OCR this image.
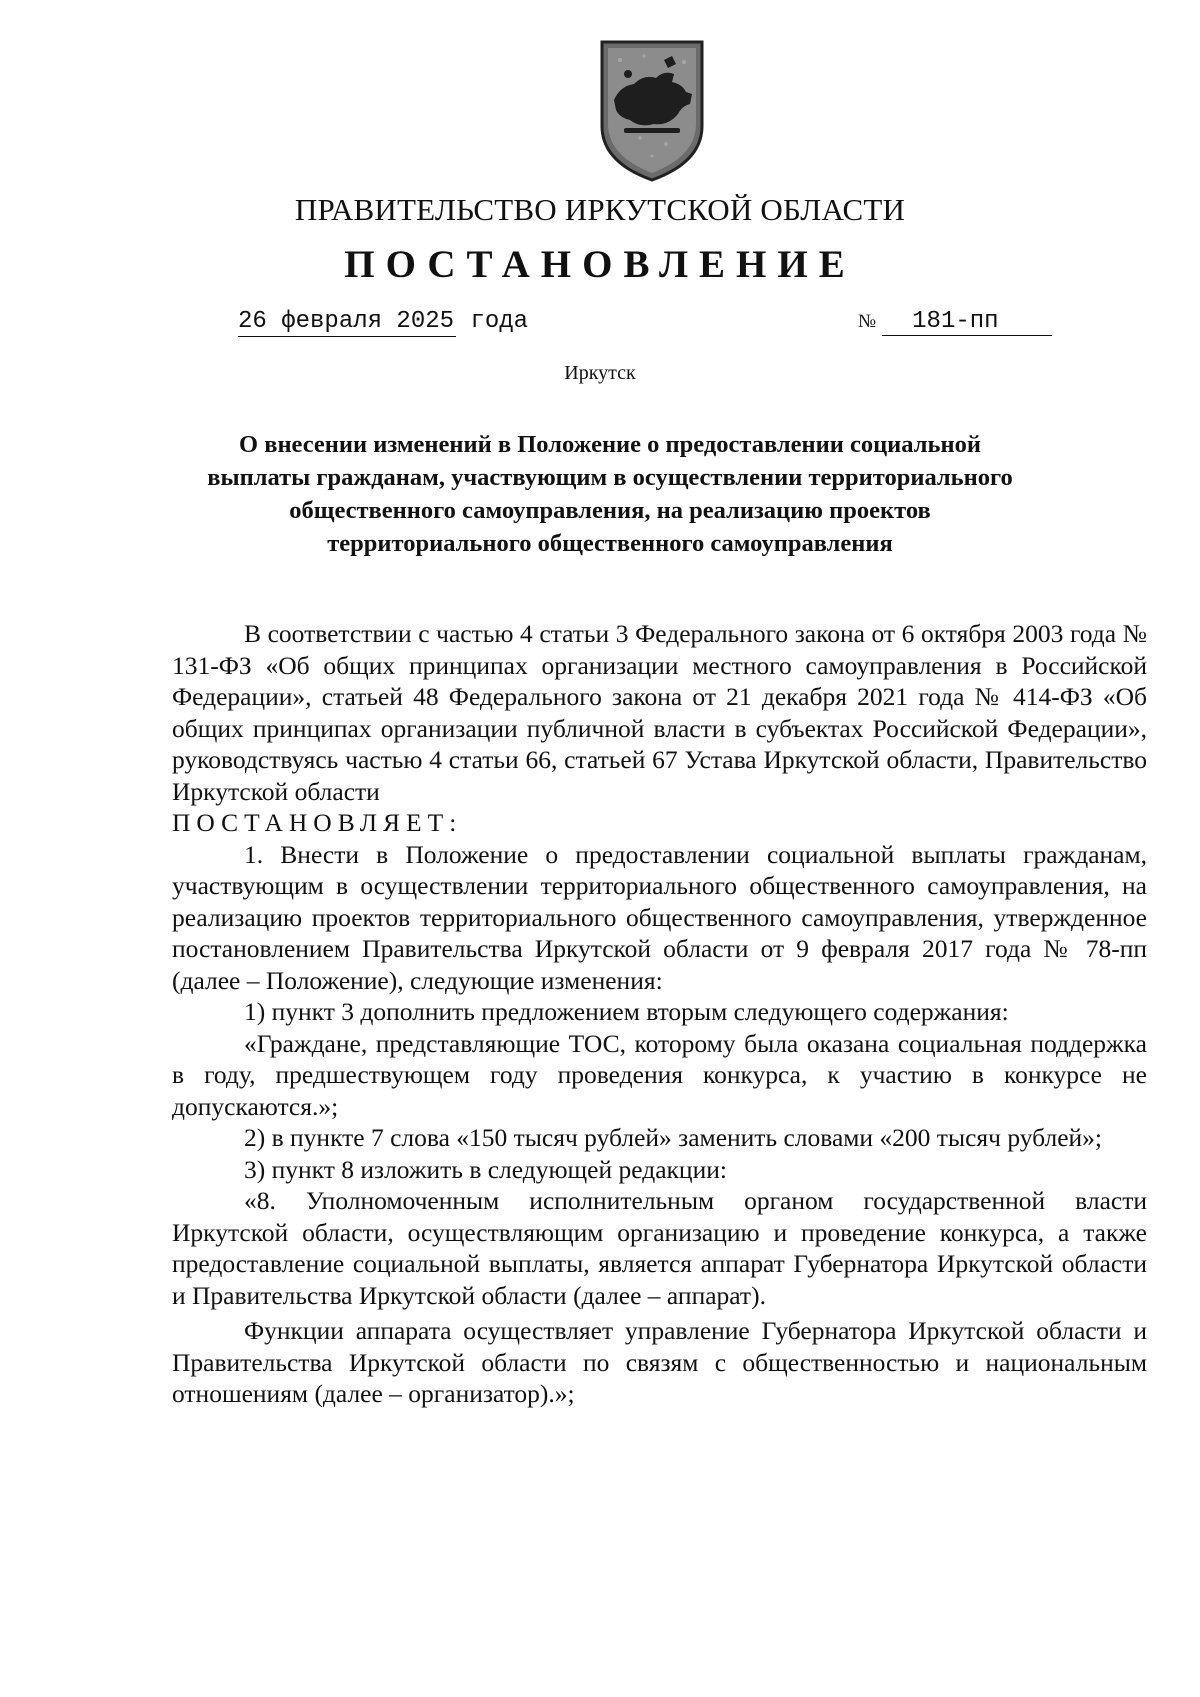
ПРАВИТЕЛЬСТВО ИРКУТСКОЙ ОБЛАСТИ
ПОСТАНОВЛЕНИЕ
26 февраля 2025 года	№ 181-пп
Иркутск
О внесении изменений в Положение о предоставлении социальной
выплаты гражданам, участвующим в осуществлении территориального
общественного самоуправления, на реализацию проектов
территориального общественного самоуправления

В соответствии с частью 4 статьи 3 Федерального закона от 6 октября 2003 года № 131-ФЗ «Об общих принципах организации местного самоуправления в Российской Федерации», статьей 48 Федерального закона от 21 декабря 2021 года № 414-ФЗ «Об общих принципах организации публичной власти в субъектах Российской Федерации», руководствуясь частью 4 статьи 66, статьей 67 Устава Иркутской области, Правительство Иркутской области

ПОСТАНОВЛЯЕТ:

1. Внести в Положение о предоставлении социальной выплаты гражданам, участвующим в осуществлении территориального общественного самоуправления, на реализацию проектов территориального общественного самоуправления, утвержденное постановлением Правительства Иркутской области от 9 февраля 2017 года № 78-пп (далее – Положение), следующие изменения:

1) пункт 3 дополнить предложением вторым следующего содержания:

«Граждане, представляющие ТОС, которому была оказана социальная поддержка в году, предшествующем году проведения конкурса, к участию в конкурсе не допускаются.»;

2) в пункте 7 слова «150 тысяч рублей» заменить словами «200 тысяч рублей»;

3) пункт 8 изложить в следующей редакции:

«8. Уполномоченным исполнительным органом государственной власти Иркутской области, осуществляющим организацию и проведение конкурса, а также предоставление социальной выплаты, является аппарат Губернатора Иркутской области и Правительства Иркутской области (далее – аппарат).

Функции аппарата осуществляет управление Губернатора Иркутской области и Правительства Иркутской области по связям с общественностью и национальным отношениям (далее – организатор).»;
